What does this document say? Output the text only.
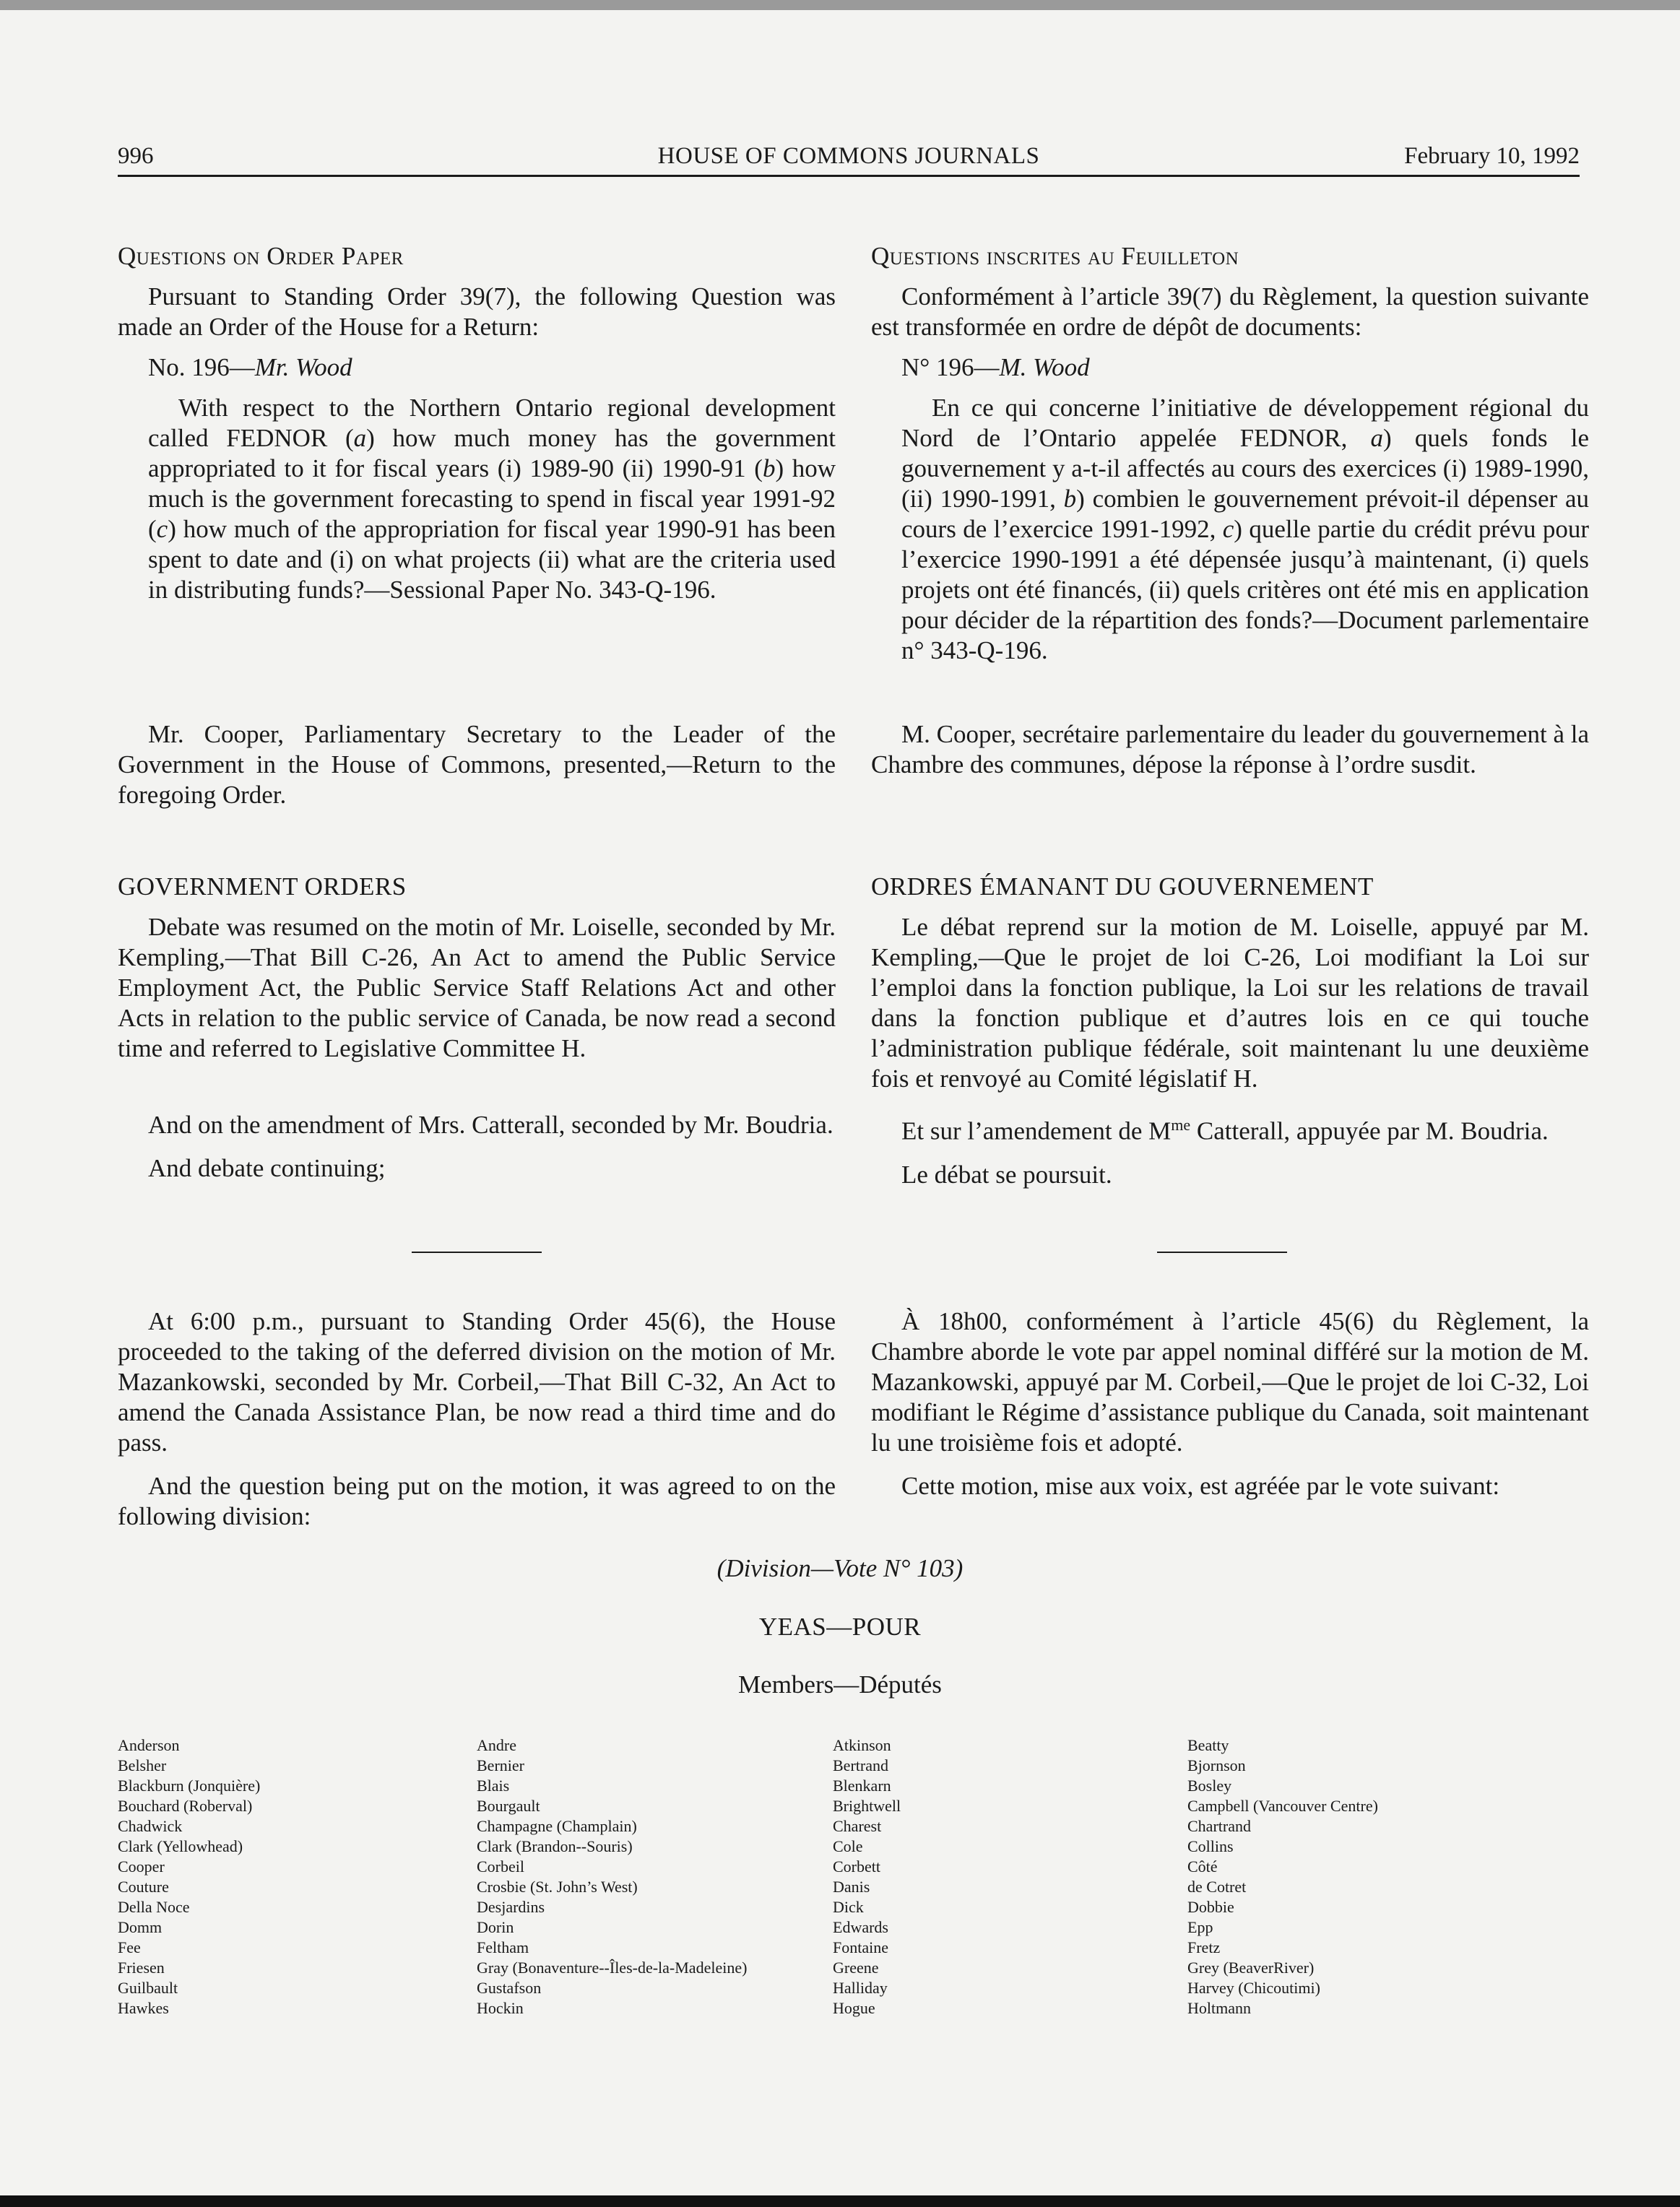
996	HOUSE OF COMMONS JOURNALS	February 10, 1992
Questions on Order Paper

Pursuant to Standing Order 39(7), the following Question was made an Order of the House for a Return:

No. 196—Mr. Wood

With respect to the Northern Ontario regional development called FEDNOR (a) how much money has the government appropriated to it for fiscal years (i) 1989-90 (ii) 1990-91 (b) how much is the government forecasting to spend in fiscal year 1991-92 (c) how much of the appropriation for fiscal year 1990-91 has been spent to date and (i) on what projects (ii) what are the criteria used in distributing funds?—Sessional Paper No. 343-Q-196.

Mr. Cooper, Parliamentary Secretary to the Leader of the Government in the House of Commons, presented,—Return to the foregoing Order.

GOVERNMENT ORDERS

Debate was resumed on the motin of Mr. Loiselle, seconded by Mr. Kempling,—That Bill C-26, An Act to amend the Public Service Employment Act, the Public Service Staff Relations Act and other Acts in relation to the public service of Canada, be now read a second time and referred to Legislative Committee H.

And on the amendment of Mrs. Catterall, seconded by Mr. Boudria.

And debate continuing;

At 6:00 p.m., pursuant to Standing Order 45(6), the House proceeded to the taking of the deferred division on the motion of Mr. Mazankowski, seconded by Mr. Corbeil,—That Bill C-32, An Act to amend the Canada Assistance Plan, be now read a third time and do pass.

And the question being put on the motion, it was agreed to on the following division:

Questions inscrites au Feuilleton

Conformément à l’article 39(7) du Règlement, la question suivante est transformée en ordre de dépôt de documents:

N° 196—M. Wood

En ce qui concerne l’initiative de développement régional du Nord de l’Ontario appelée FEDNOR, a) quels fonds le gouvernement y a-t-il affectés au cours des exercices (i) 1989-1990, (ii) 1990-1991, b) combien le gouvernement prévoit-il dépenser au cours de l’exercice 1991-1992, c) quelle partie du crédit prévu pour l’exercice 1990-1991 a été dépensée jusqu’à maintenant, (i) quels projets ont été financés, (ii) quels critères ont été mis en application pour décider de la répartition des fonds?—Document parlementaire n° 343-Q-196.

M. Cooper, secrétaire parlementaire du leader du gouvernement à la Chambre des communes, dépose la réponse à l’ordre susdit.

ORDRES ÉMANANT DU GOUVERNEMENT

Le débat reprend sur la motion de M. Loiselle, appuyé par M. Kempling,—Que le projet de loi C-26, Loi modifiant la Loi sur l’emploi dans la fonction publique, la Loi sur les relations de travail dans la fonction publique et d’autres lois en ce qui touche l’administration publique fédérale, soit maintenant lu une deuxième fois et renvoyé au Comité législatif H.

Et sur l’amendement de $M^{me}$ Catterall, appuyée par M. Boudria.

Le débat se poursuit.

À 18h00, conformément à l’article 45(6) du Règlement, la Chambre aborde le vote par appel nominal différé sur la motion de M. Mazankowski, appuyé par M. Corbeil,—Que le projet de loi C-32, Loi modifiant le Régime d’assistance publique du Canada, soit maintenant lu une troisième fois et adopté.

Cette motion, mise aux voix, est agréée par le vote suivant:

(Division—Vote N° 103)
YEAS—POUR
Members—Députés
Anderson
Belsher
Blackburn (Jonquière)
Bouchard (Roberval)
Chadwick
Clark (Yellowhead)
Cooper
Couture
Della Noce
Domm
Fee
Friesen
Guilbault
Hawkes
Andre
Bernier
Blais
Bourgault
Champagne (Champlain)
Clark (Brandon--Souris)
Corbeil
Crosbie (St. John’s West)
Desjardins
Dorin
Feltham
Gray (Bonaventure--Îles-de-la-Madeleine)
Gustafson
Hockin
Atkinson
Bertrand
Blenkarn
Brightwell
Charest
Cole
Corbett
Danis
Dick
Edwards
Fontaine
Greene
Halliday
Hogue
Beatty
Bjornson
Bosley
Campbell (Vancouver Centre)
Chartrand
Collins
Côté
de Cotret
Dobbie
Epp
Fretz
Grey (BeaverRiver)
Harvey (Chicoutimi)
Holtmann
